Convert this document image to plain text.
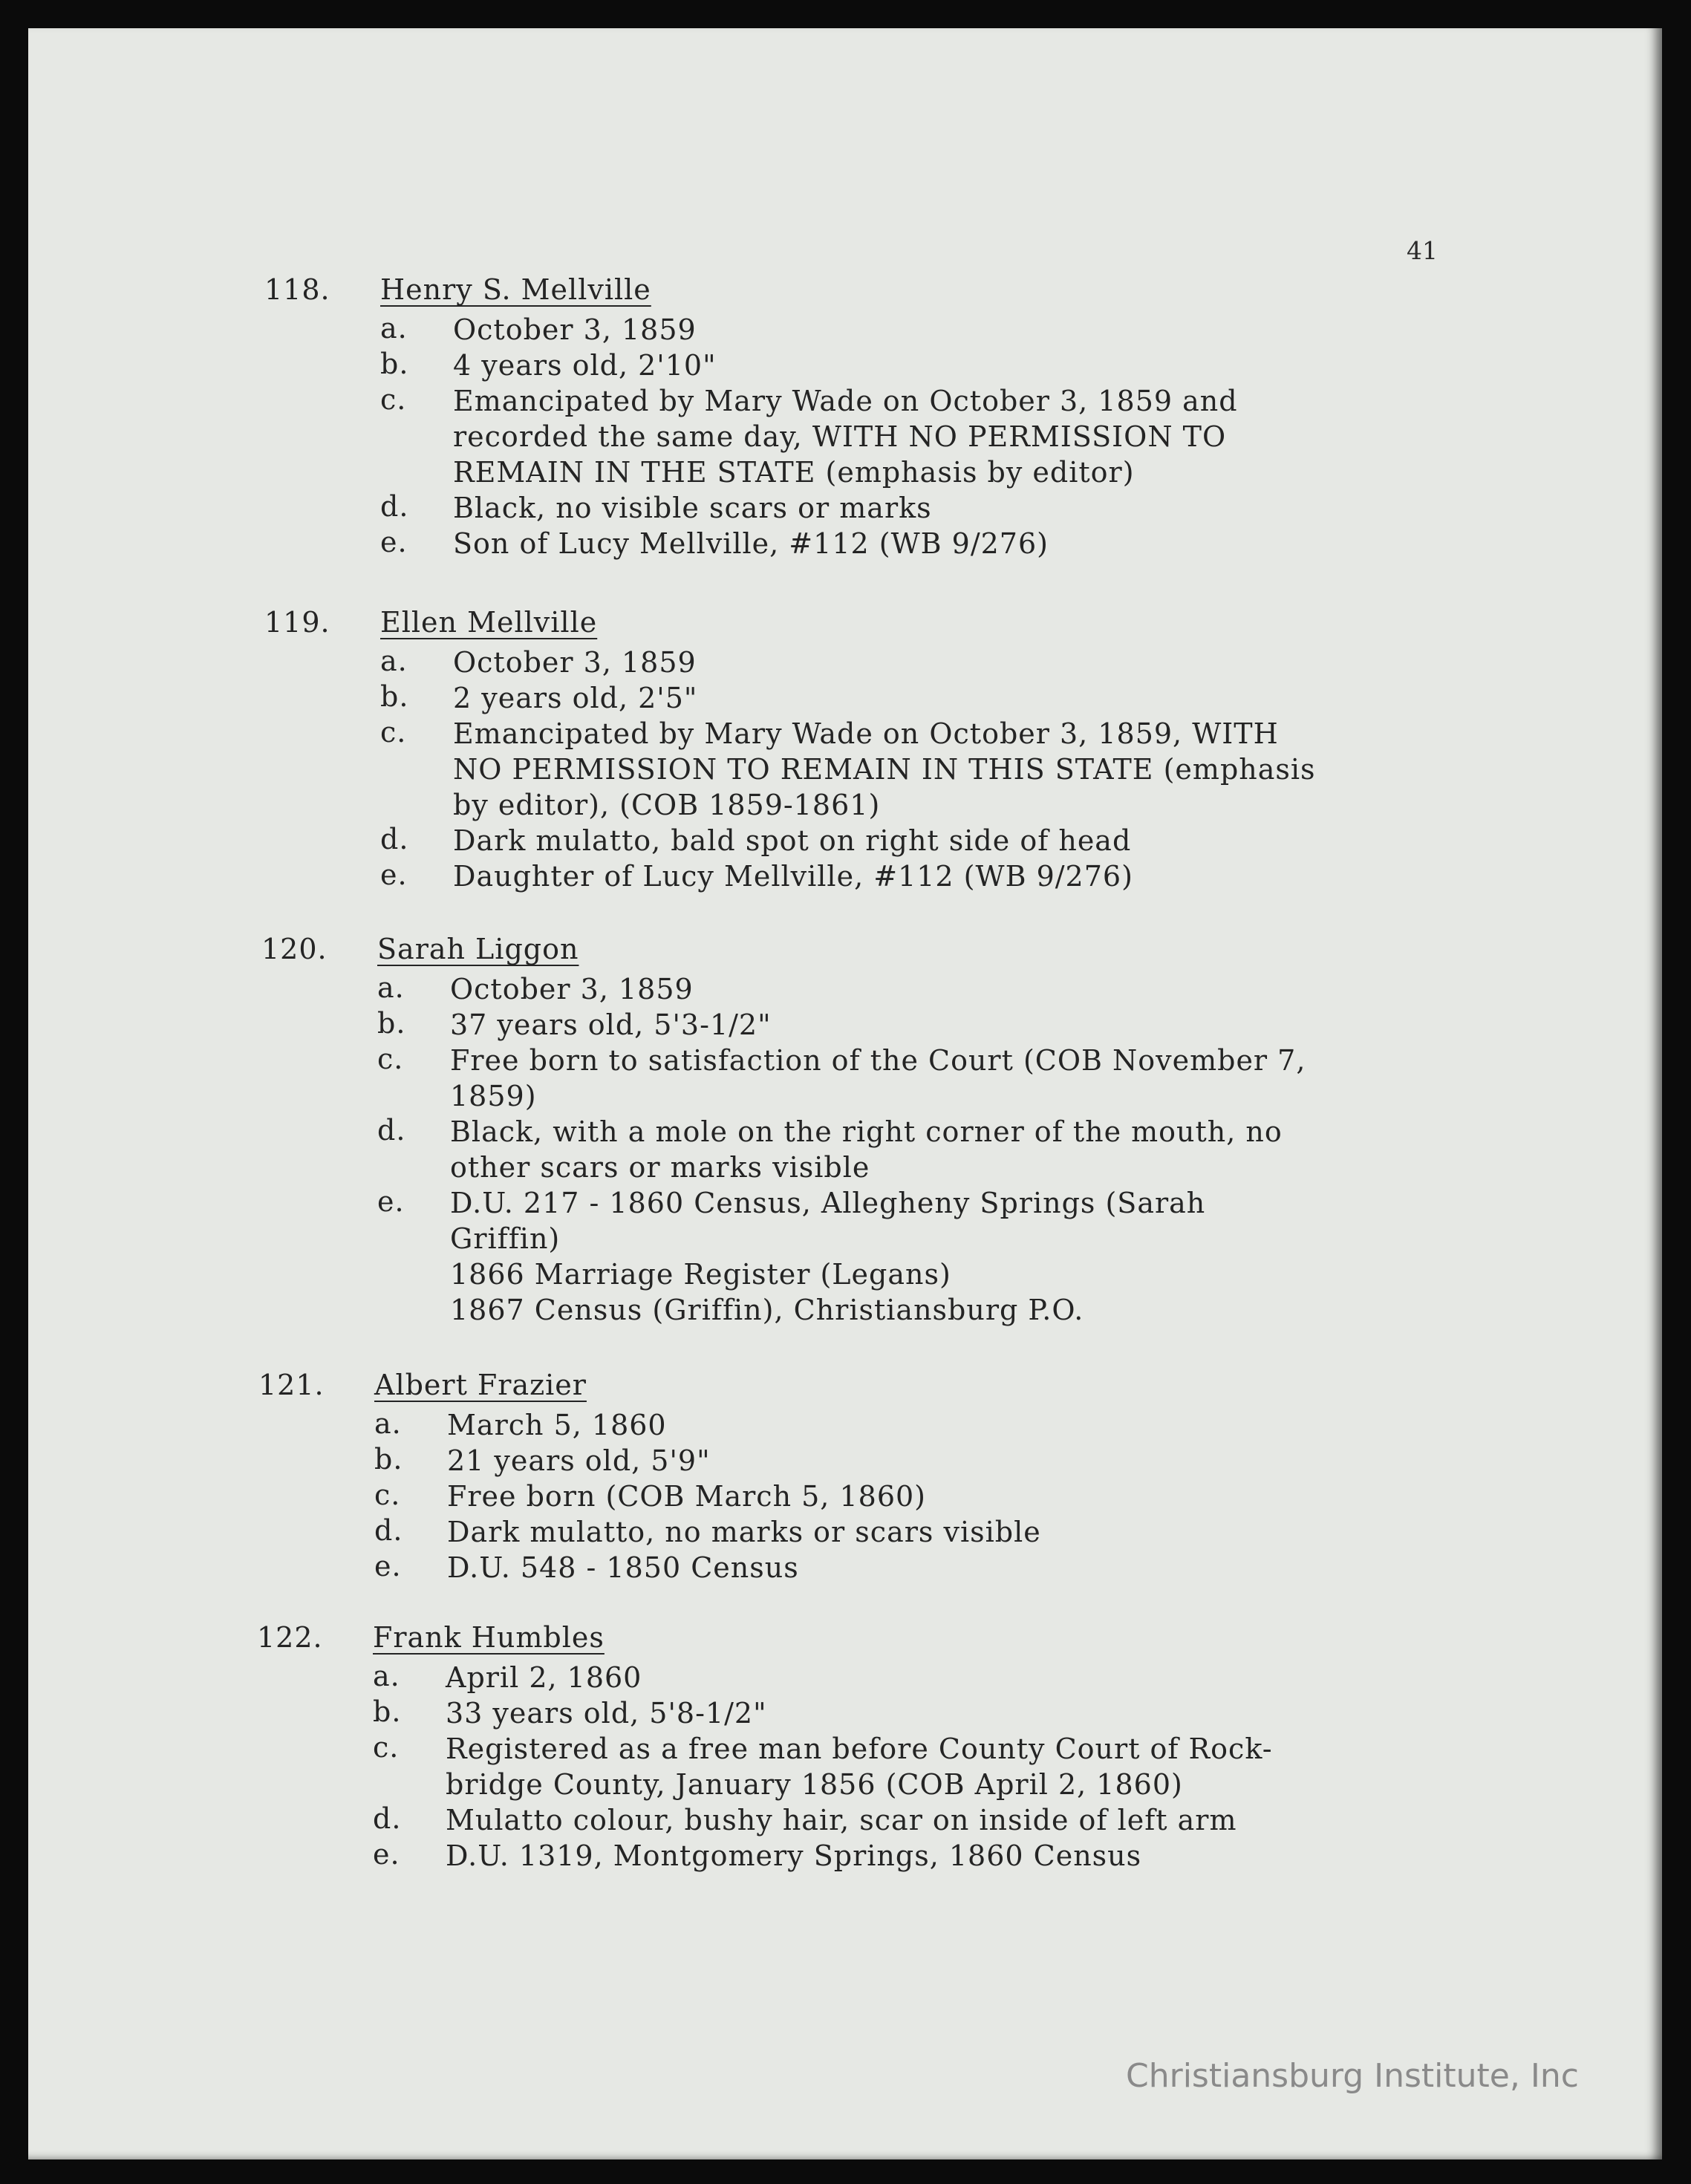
41
118. Henry S. Mellville
a. October 3, 1859
b. 4 years old, 2'10"
c. Emancipated by Mary Wade on October 3, 1859 and
recorded the same day, WITH NO PERMISSION TO
REMAIN IN THE STATE (emphasis by editor)
d. Black, no visible scars or marks
e. Son of Lucy Mellville, #112 (WB 9/276)
119. Ellen Mellville
a. October 3, 1859
b. 2 years old, 2'5"
c. Emancipated by Mary Wade on October 3, 1859, WITH
NO PERMISSION TO REMAIN IN THIS STATE (emphasis
by editor), (COB 1859-1861)
d. Dark mulatto, bald spot on right side of head
e. Daughter of Lucy Mellville, #112 (WB 9/276)
120. Sarah Liggon
a. October 3, 1859
b. 37 years old, 5'3-1/2"
c. Free born to satisfaction of the Court (COB November 7,
1859)
d. Black, with a mole on the right corner of the mouth, no
other scars or marks visible
e. D.U. 217 - 1860 Census, Allegheny Springs (Sarah
Griffin)
1866 Marriage Register (Legans)
1867 Census (Griffin), Christiansburg P.O.
121. Albert Frazier
a. March 5, 1860
b. 21 years old, 5'9"
c. Free born (COB March 5, 1860)
d. Dark mulatto, no marks or scars visible
e. D.U. 548 - 1850 Census
122. Frank Humbles
a. April 2, 1860
b. 33 years old, 5'8-1/2"
c. Registered as a free man before County Court of Rock-
bridge County, January 1856 (COB April 2, 1860)
d. Mulatto colour, bushy hair, scar on inside of left arm
e. D.U. 1319, Montgomery Springs, 1860 Census
Christiansburg Institute, Inc
